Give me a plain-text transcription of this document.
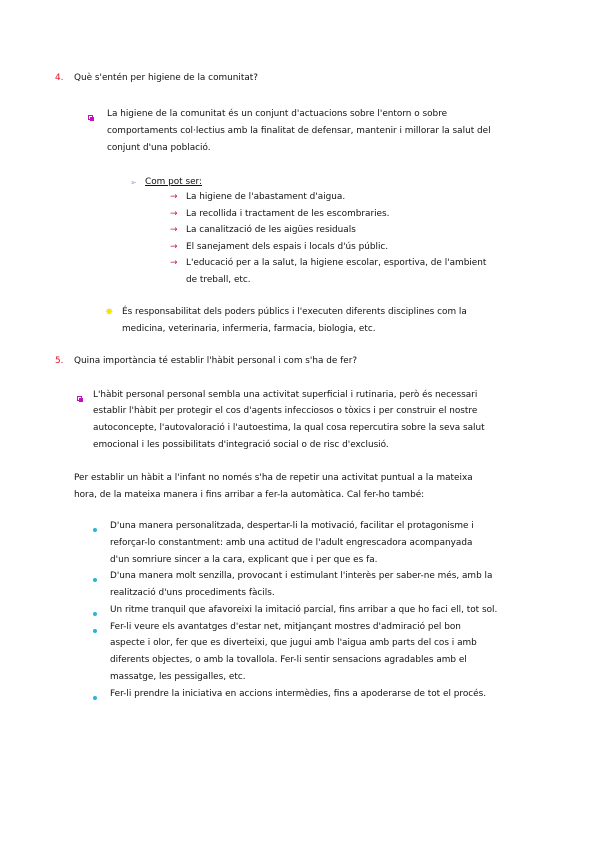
4. Què s'entén per higiene de la comunitat?
La higiene de la comunitat és un conjunt d'actuacions sobre l'entorn o sobre
comportaments col·lectius amb la finalitat de defensar, mantenir i millorar la salut del
conjunt d'una població.
➢ Com pot ser:
→ La higiene de l'abastament d'aigua.
→ La recollida i tractament de les escombraries.
→ La canalització de les aigües residuals
→ El sanejament dels espais i locals d'ús públic.
→ L'educació per a la salut, la higiene escolar, esportiva, de l'ambient
de treball, etc.
✸ És responsabilitat dels poders públics i l'executen diferents disciplines com la
medicina, veterinaria, infermeria, farmacia, biologia, etc.
5. Quina importància té establir l'hàbit personal i com s'ha de fer?
L'hàbit personal personal sembla una activitat superficial i rutinaria, però és necessari
establir l'hàbit per protegir el cos d'agents infecciosos o tòxics i per construir el nostre
autoconcepte, l'autovaloració i l'autoestima, la qual cosa repercutira sobre la seva salut
emocional i les possibilitats d'integració social o de risc d'exclusió.
Per establir un hàbit a l'infant no només s'ha de repetir una activitat puntual a la mateixa
hora, de la mateixa manera i fins arribar a fer-la automàtica. Cal fer-ho també:
D'una manera personalitzada, despertar-li la motivació, facilitar el protagonisme i
reforçar-lo constantment: amb una actitud de l'adult engrescadora acompanyada
d'un somriure sincer a la cara, explicant que i per que es fa.
D'una manera molt senzilla, provocant i estimulant l'interès per saber-ne més, amb la
realització d'uns procediments fàcils.
Un ritme tranquil que afavoreixi la imitació parcial, fins arribar a que ho faci ell, tot sol.
Fer-li veure els avantatges d'estar net, mitjançant mostres d'admiració pel bon
aspecte i olor, fer que es diverteixi, que jugui amb l'aigua amb parts del cos i amb
diferents objectes, o amb la tovallola. Fer-li sentir sensacions agradables amb el
massatge, les pessigalles, etc.
Fer-li prendre la iniciativa en accions intermèdies, fins a apoderarse de tot el procés.
